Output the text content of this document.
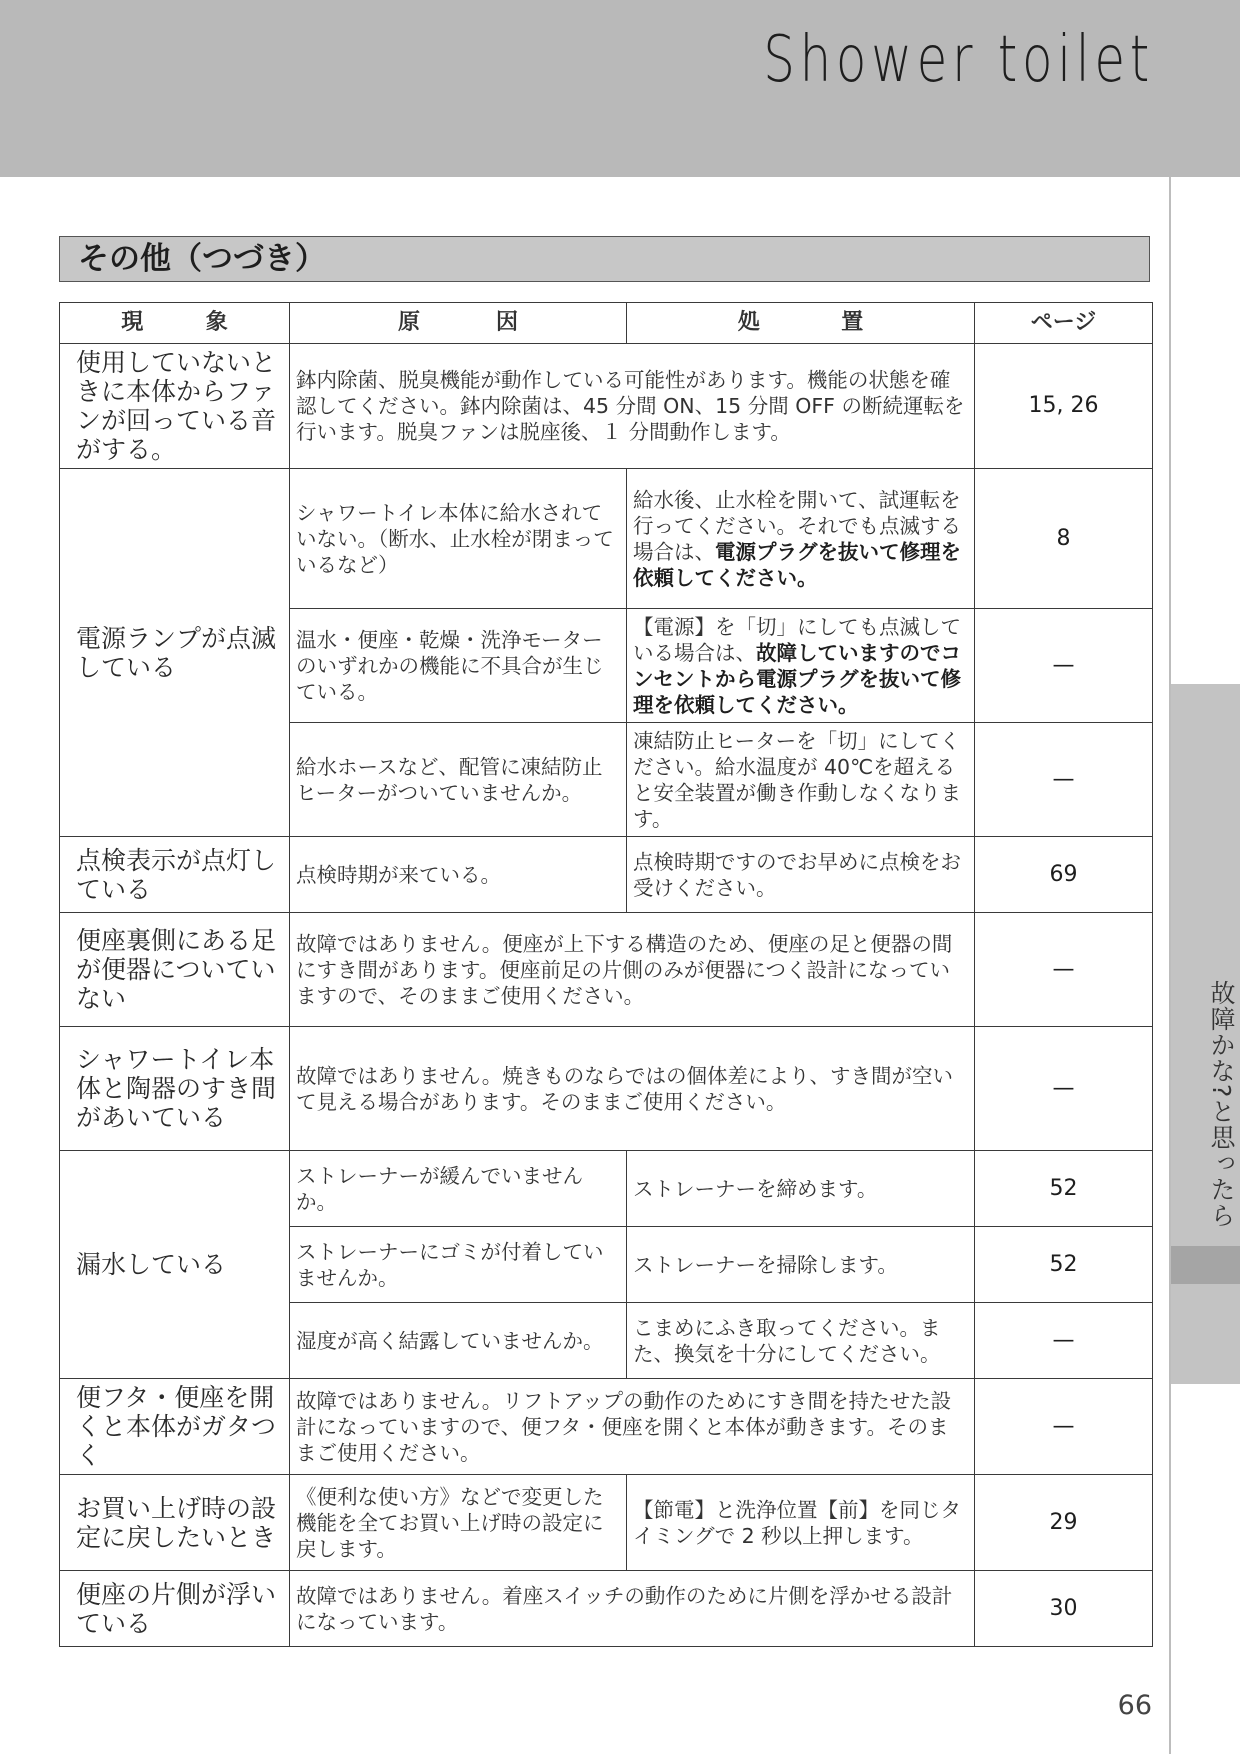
Shower toilet
故障かな?と思ったら
その他（つづき）
現 象	原 因	処 置	ページ
使用していないときに本体からファンが回っている音がする。	鉢内除菌、脱臭機能が動作している可能性があります。機能の状態を確認してください。鉢内除菌は、45 分間 ON、15 分間 OFF の断続運転を行います。脱臭ファンは脱座後、１ 分間動作します。		15, 26
電源ランプが点滅している	シャワートイレ本体に給水されていない。（断水、止水栓が閉まっているなど）	給水後、止水栓を開いて、試運転を行ってください。それでも点滅する場合は、電源プラグを抜いて修理を依頼してください。	8
	温水・便座・乾燥・洗浄モーターのいずれかの機能に不具合が生じている。	【電源】を「切」にしても点滅している場合は、故障していますのでコンセントから電源プラグを抜いて修理を依頼してください。	—
	給水ホースなど、配管に凍結防止ヒーターがついていませんか。	凍結防止ヒーターを「切」にしてください。給水温度が 40℃を超えると安全装置が働き作動しなくなります。	—
点検表示が点灯している	点検時期が来ている。	点検時期ですのでお早めに点検をお受けください。	69
便座裏側にある足が便器についていない	故障ではありません。便座が上下する構造のため、便座の足と便器の間にすき間があります。便座前足の片側のみが便器につく設計になっていますので、そのままご使用ください。		—
シャワートイレ本体と陶器のすき間があいている	故障ではありません。焼きものならではの個体差により、すき間が空いて見える場合があります。そのままご使用ください。		—
漏水している	ストレーナーが緩んでいませんか。	ストレーナーを締めます。	52
	ストレーナーにゴミが付着していませんか。	ストレーナーを掃除します。	52
	湿度が高く結露していませんか。	こまめにふき取ってください。また、換気を十分にしてください。	—
便フタ・便座を開くと本体がガタつく	故障ではありません。リフトアップの動作のためにすき間を持たせた設計になっていますので、便フタ・便座を開くと本体が動きます。そのままご使用ください。		—
お買い上げ時の設定に戻したいとき	《便利な使い方》などで変更した機能を全てお買い上げ時の設定に戻します。	【節電】と洗浄位置【前】を同じタイミングで 2 秒以上押します。	29
便座の片側が浮いている	故障ではありません。着座スイッチの動作のために片側を浮かせる設計になっています。		30
66
